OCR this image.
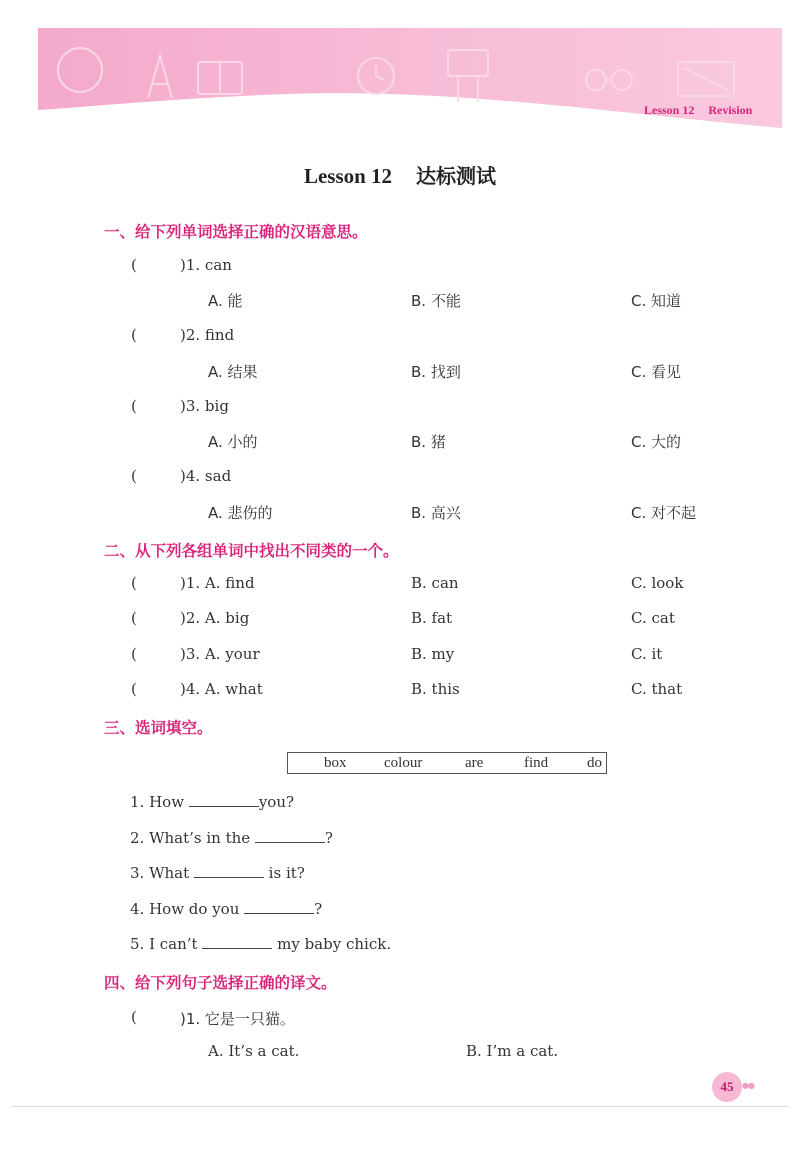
Lesson 12 Revision
Lesson 12 达标测试
一、给下列单词选择正确的汉语意思。
(	)1. can
A. 能	B. 不能	C. 知道
(	)2. find
A. 结果	B. 找到	C. 看见
(	)3. big
A. 小的	B. 猪	C. 大的
(	)4. sad
A. 悲伤的	B. 高兴	C. 对不起
二、从下列各组单词中找出不同类的一个。
(	)1. A. find	B. can	C. look
(	)2. A. big	B. fat	C. cat
(	)3. A. your	B. my	C. it
(	)4. A. what	B. this	C. that
三、选词填空。
box	colour	are	find	do
1. How	you?
2. What’s in the	?
3. What	is it?
4. How do you	?
5. I can’t	my baby chick.
四、给下列句子选择正确的译文。
(	)1. 它是一只猫。
A. It’s a cat.	B. I’m a cat.
45	●●
